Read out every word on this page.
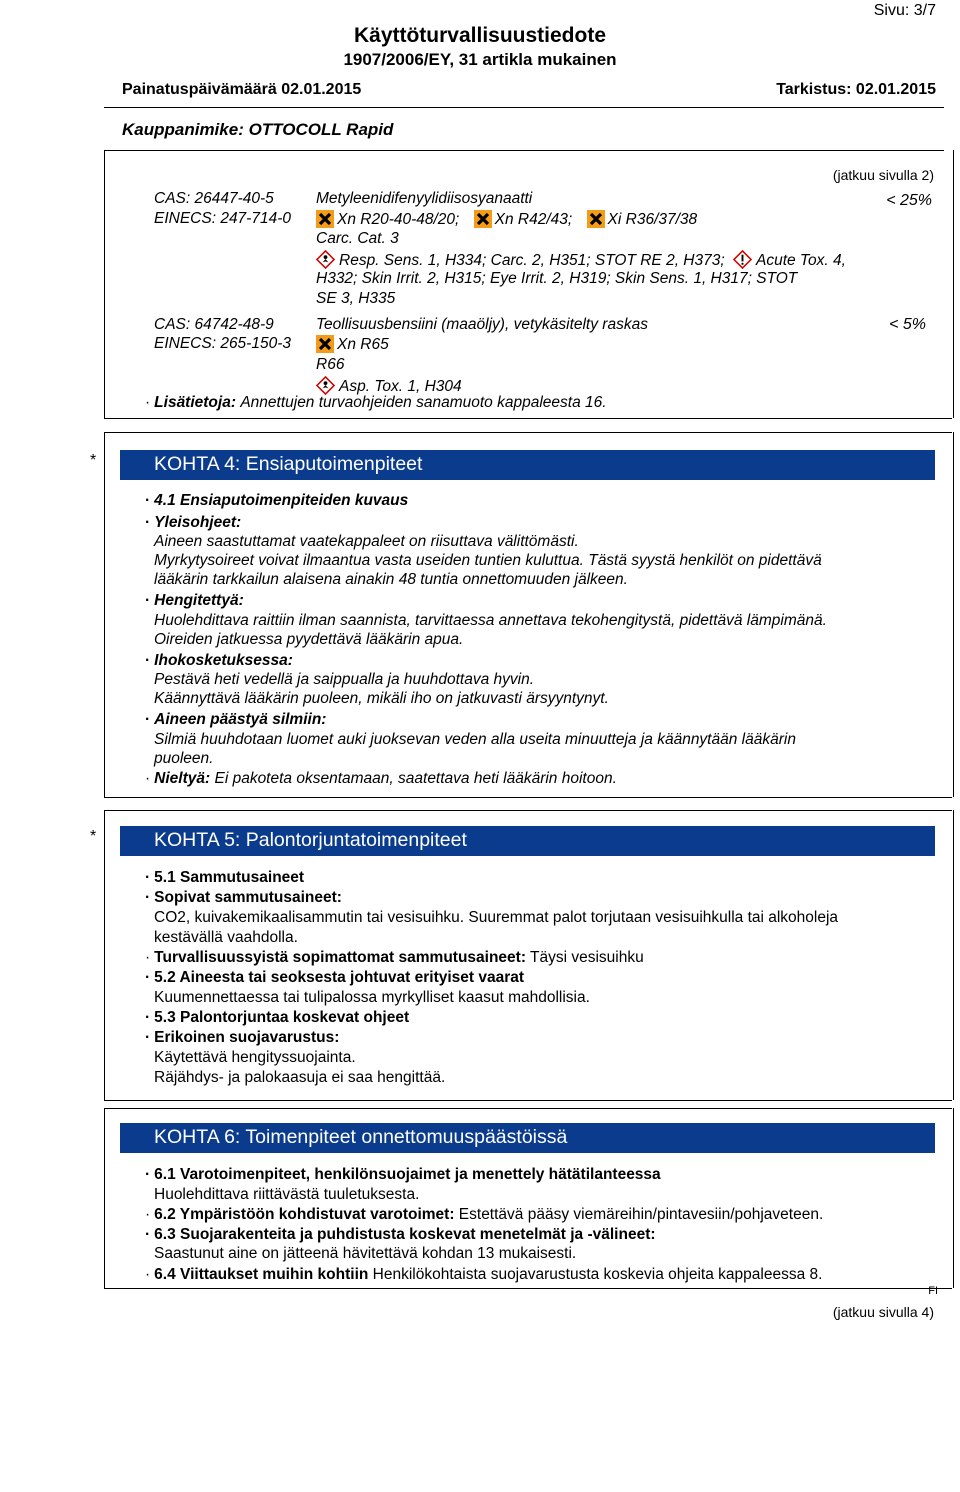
Sivu: 3/7
Käyttöturvallisuustiedote
1907/2006/EY, 31 artikla mukainen
Painatuspäivämäärä 02.01.2015	Tarkistus: 02.01.2015
Kauppanimike: OTTOCOLL Rapid
(jatkuu sivulla 2)
CAS: 26447-40-5	Metyleenidifenyylidiisosyanaatti	< 25%
EINECS: 247-714-0	Xn R20-40-48/20; Xn R42/43; Xi R36/37/38
Carc. Cat. 3
Resp. Sens. 1, H334; Carc. 2, H351; STOT RE 2, H373; Acute Tox. 4,
H332; Skin Irrit. 2, H315; Eye Irrit. 2, H319; Skin Sens. 1, H317; STOT
SE 3, H335
CAS: 64742-48-9	Teollisuusbensiini (maaöljy), vetykäsitelty raskas	< 5%
EINECS: 265-150-3	Xn R65
R66
Asp. Tox. 1, H304
· Lisätietoja: Annettujen turvaohjeiden sanamuoto kappaleesta 16.
*	KOHTA 4: Ensiaputoimenpiteet
· 4.1 Ensiaputoimenpiteiden kuvaus
· Yleisohjeet:
Aineen saastuttamat vaatekappaleet on riisuttava välittömästi.
Myrkytysoireet voivat ilmaantua vasta useiden tuntien kuluttua. Tästä syystä henkilöt on pidettävä
lääkärin tarkkailun alaisena ainakin 48 tuntia onnettomuuden jälkeen.
· Hengitettyä:
Huolehdittava raittiin ilman saannista, tarvittaessa annettava tekohengitystä, pidettävä lämpimänä.
Oireiden jatkuessa pyydettävä lääkärin apua.
· Ihokosketuksessa:
Pestävä heti vedellä ja saippualla ja huuhdottava hyvin.
Käännyttävä lääkärin puoleen, mikäli iho on jatkuvasti ärsyyntynyt.
· Aineen päästyä silmiin:
Silmiä huuhdotaan luomet auki juoksevan veden alla useita minuutteja ja käännytään lääkärin
puoleen.
· Nieltyä: Ei pakoteta oksentamaan, saatettava heti lääkärin hoitoon.
*	KOHTA 5: Palontorjuntatoimenpiteet
· 5.1 Sammutusaineet
· Sopivat sammutusaineet:
CO2, kuivakemikaalisammutin tai vesisuihku. Suuremmat palot torjutaan vesisuihkulla tai alkoholeja
kestävällä vaahdolla.
· Turvallisuussyistä sopimattomat sammutusaineet: Täysi vesisuihku
· 5.2 Aineesta tai seoksesta johtuvat erityiset vaarat
Kuumennettaessa tai tulipalossa myrkylliset kaasut mahdollisia.
· 5.3 Palontorjuntaa koskevat ohjeet
· Erikoinen suojavarustus:
Käytettävä hengityssuojainta.
Räjähdys- ja palokaasuja ei saa hengittää.
KOHTA 6: Toimenpiteet onnettomuuspäästöissä
· 6.1 Varotoimenpiteet, henkilönsuojaimet ja menettely hätätilanteessa
Huolehdittava riittävästä tuuletuksesta.
· 6.2 Ympäristöön kohdistuvat varotoimet: Estettävä pääsy viemäreihin/pintavesiin/pohjaveteen.
· 6.3 Suojarakenteita ja puhdistusta koskevat menetelmät ja -välineet:
Saastunut aine on jätteenä hävitettävä kohdan 13 mukaisesti.
· 6.4 Viittaukset muihin kohtiin Henkilökohtaista suojavarustusta koskevia ohjeita kappaleessa 8.
FI
(jatkuu sivulla 4)
